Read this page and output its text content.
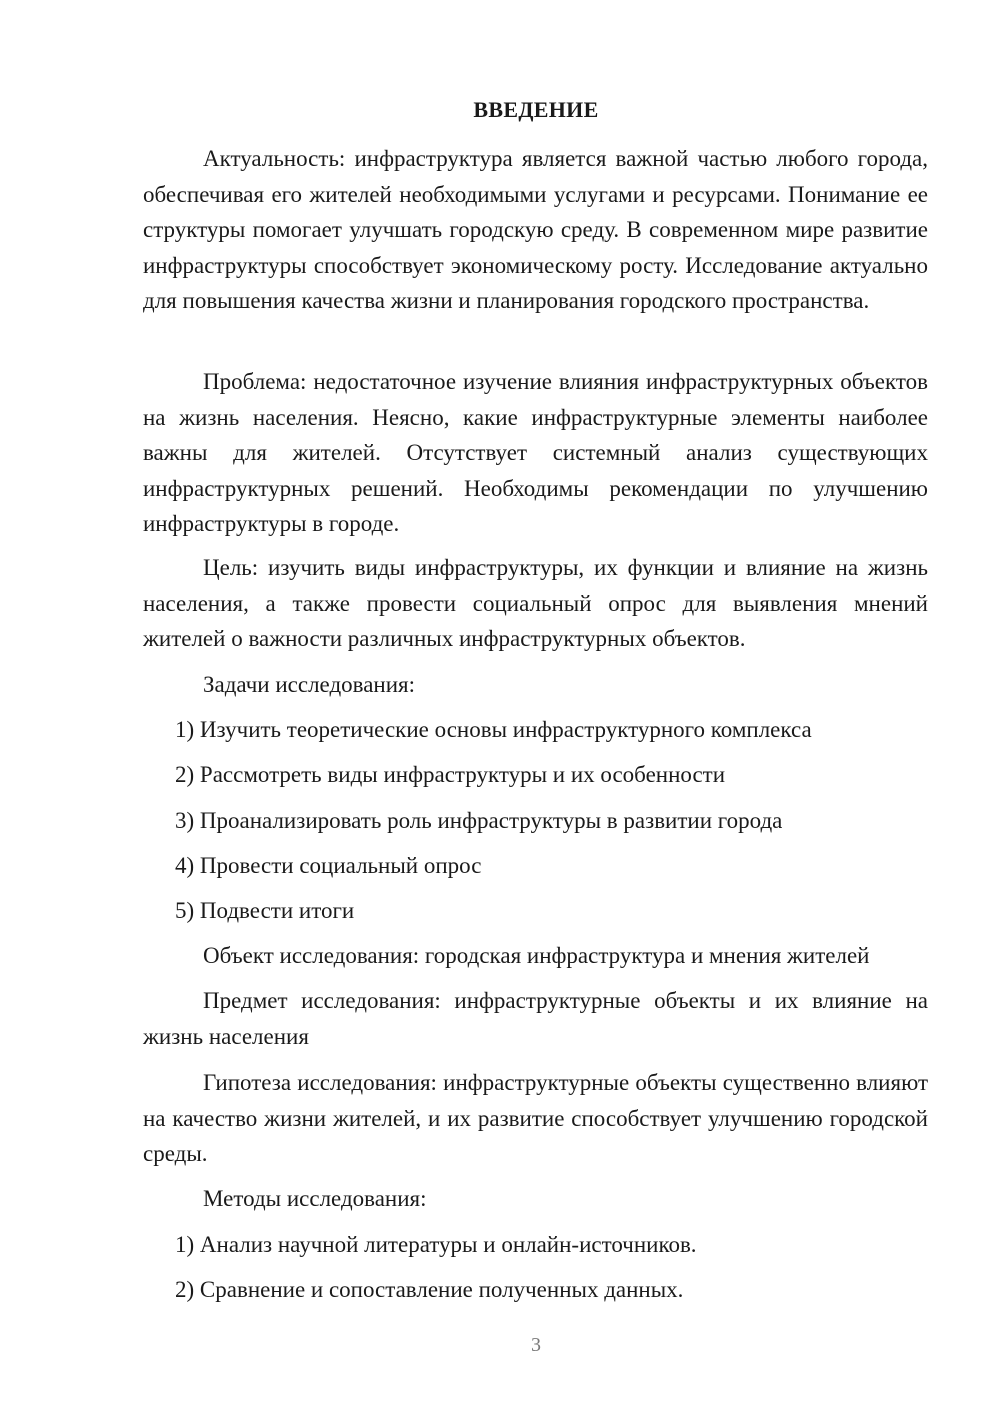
ВВЕДЕНИЕ

Актуальность: инфраструктура является важной частью любого города, обеспечивая его жителей необходимыми услугами и ресурсами. Понимание ее структуры помогает улучшать городскую среду. В современном мире развитие инфраструктуры способствует экономическому росту. Исследование актуально для повышения качества жизни и планирования городского пространства.

Проблема: недостаточное изучение влияния инфраструктурных объектов на жизнь населения. Неясно, какие инфраструктурные элементы наиболее важны для жителей. Отсутствует системный анализ существующих инфраструктурных решений. Необходимы рекомендации по улучшению инфраструктуры в городе.

Цель: изучить виды инфраструктуры, их функции и влияние на жизнь населения, а также провести социальный опрос для выявления мнений жителей о важности различных инфраструктурных объектов.

Задачи исследования:

1) Изучить теоретические основы инфраструктурного комплекса

2) Рассмотреть виды инфраструктуры и их особенности

3) Проанализировать роль инфраструктуры в развитии города

4) Провести социальный опрос

5) Подвести итоги

Объект исследования: городская инфраструктура и мнения жителей

Предмет исследования: инфраструктурные объекты и их влияние на жизнь населения

Гипотеза исследования: инфраструктурные объекты существенно влияют на качество жизни жителей, и их развитие способствует улучшению городской среды.

Методы исследования:

1) Анализ научной литературы и онлайн-источников.

2) Сравнение и сопоставление полученных данных.

3
